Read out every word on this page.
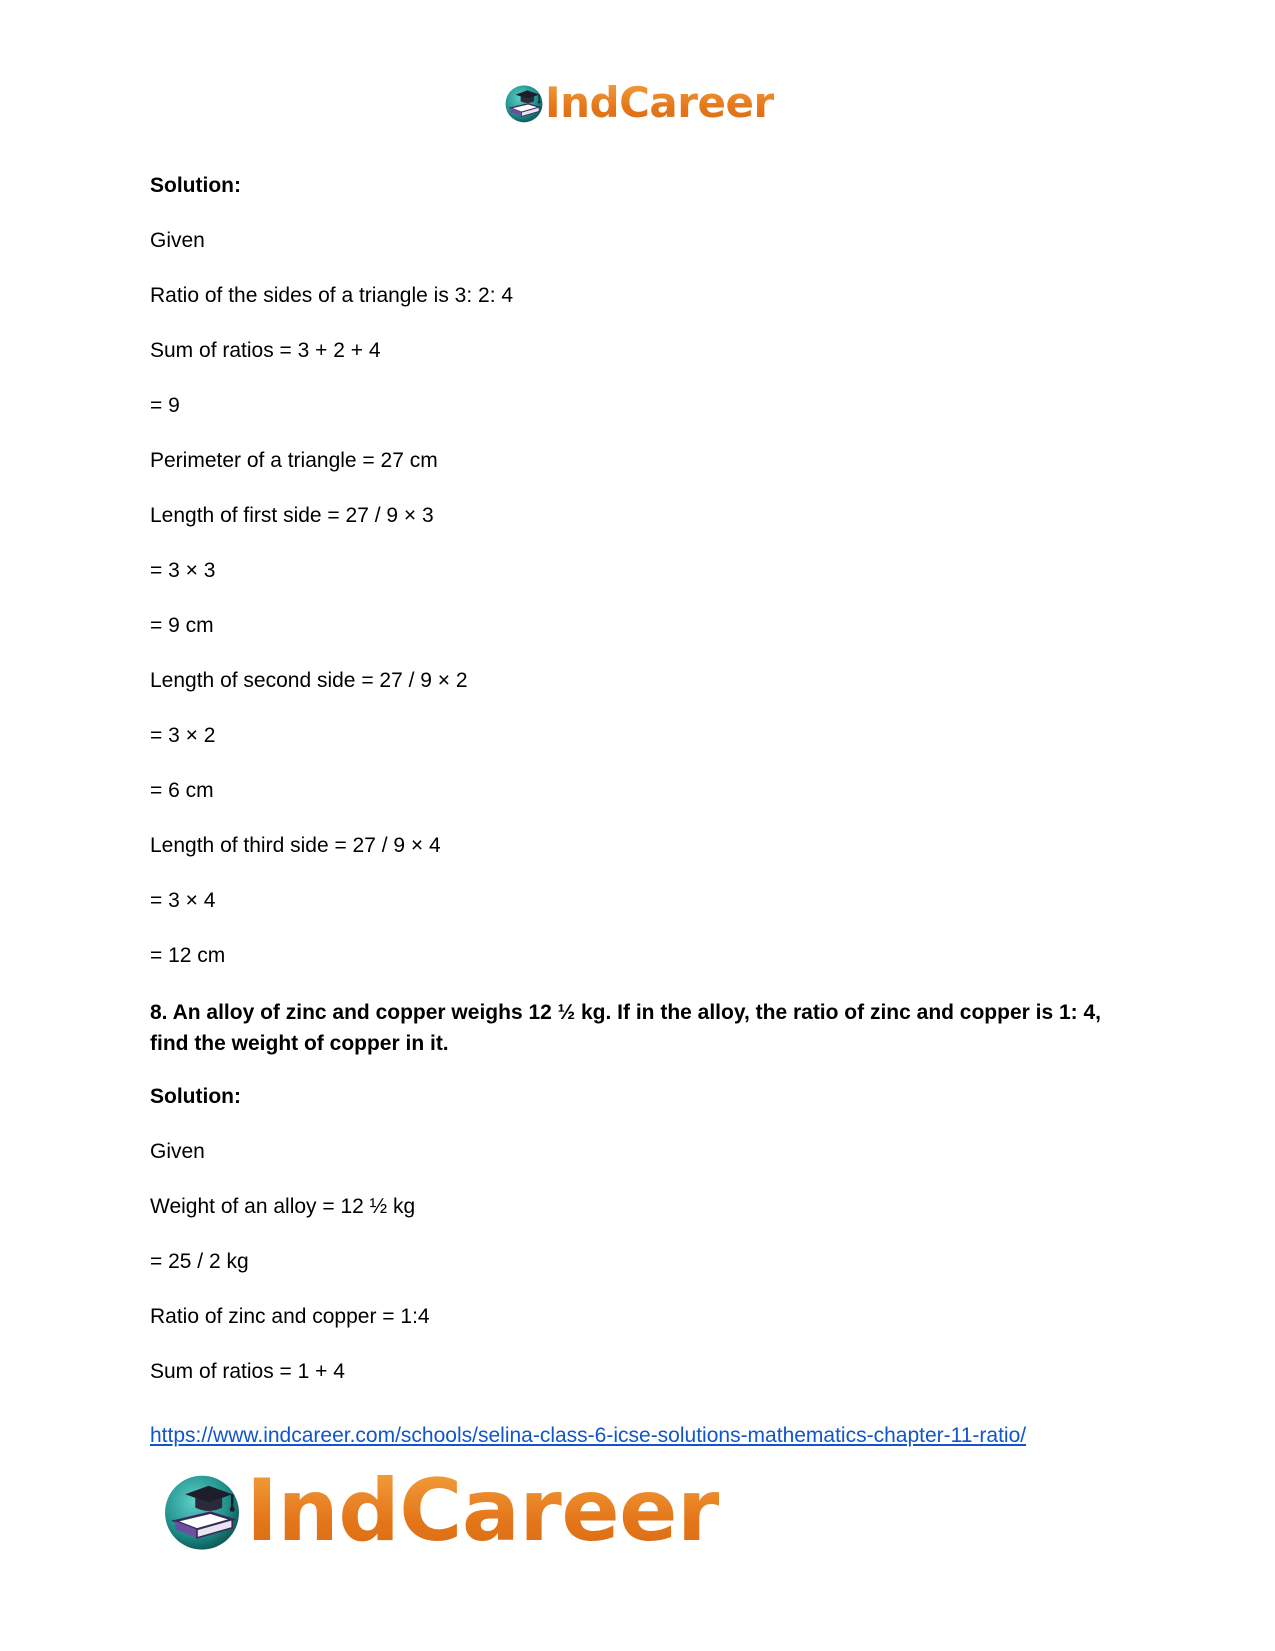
IndCareer

Solution:

Given

Ratio of the sides of a triangle is 3: 2: 4

Sum of ratios = 3 + 2 + 4

= 9

Perimeter of a triangle = 27 cm

Length of first side = 27 / 9 × 3

= 3 × 3

= 9 cm

Length of second side = 27 / 9 × 2

= 3 × 2

= 6 cm

Length of third side = 27 / 9 × 4

= 3 × 4

= 12 cm

8. An alloy of zinc and copper weighs 12 ½ kg. If in the alloy, the ratio of zinc and copper is 1: 4, find the weight of copper in it.

Solution:

Given

Weight of an alloy = 12 ½ kg

= 25 / 2 kg

Ratio of zinc and copper = 1:4

Sum of ratios = 1 + 4

https://www.indcareer.com/schools/selina-class-6-icse-solutions-mathematics-chapter-11-ratio/
IndCareer
